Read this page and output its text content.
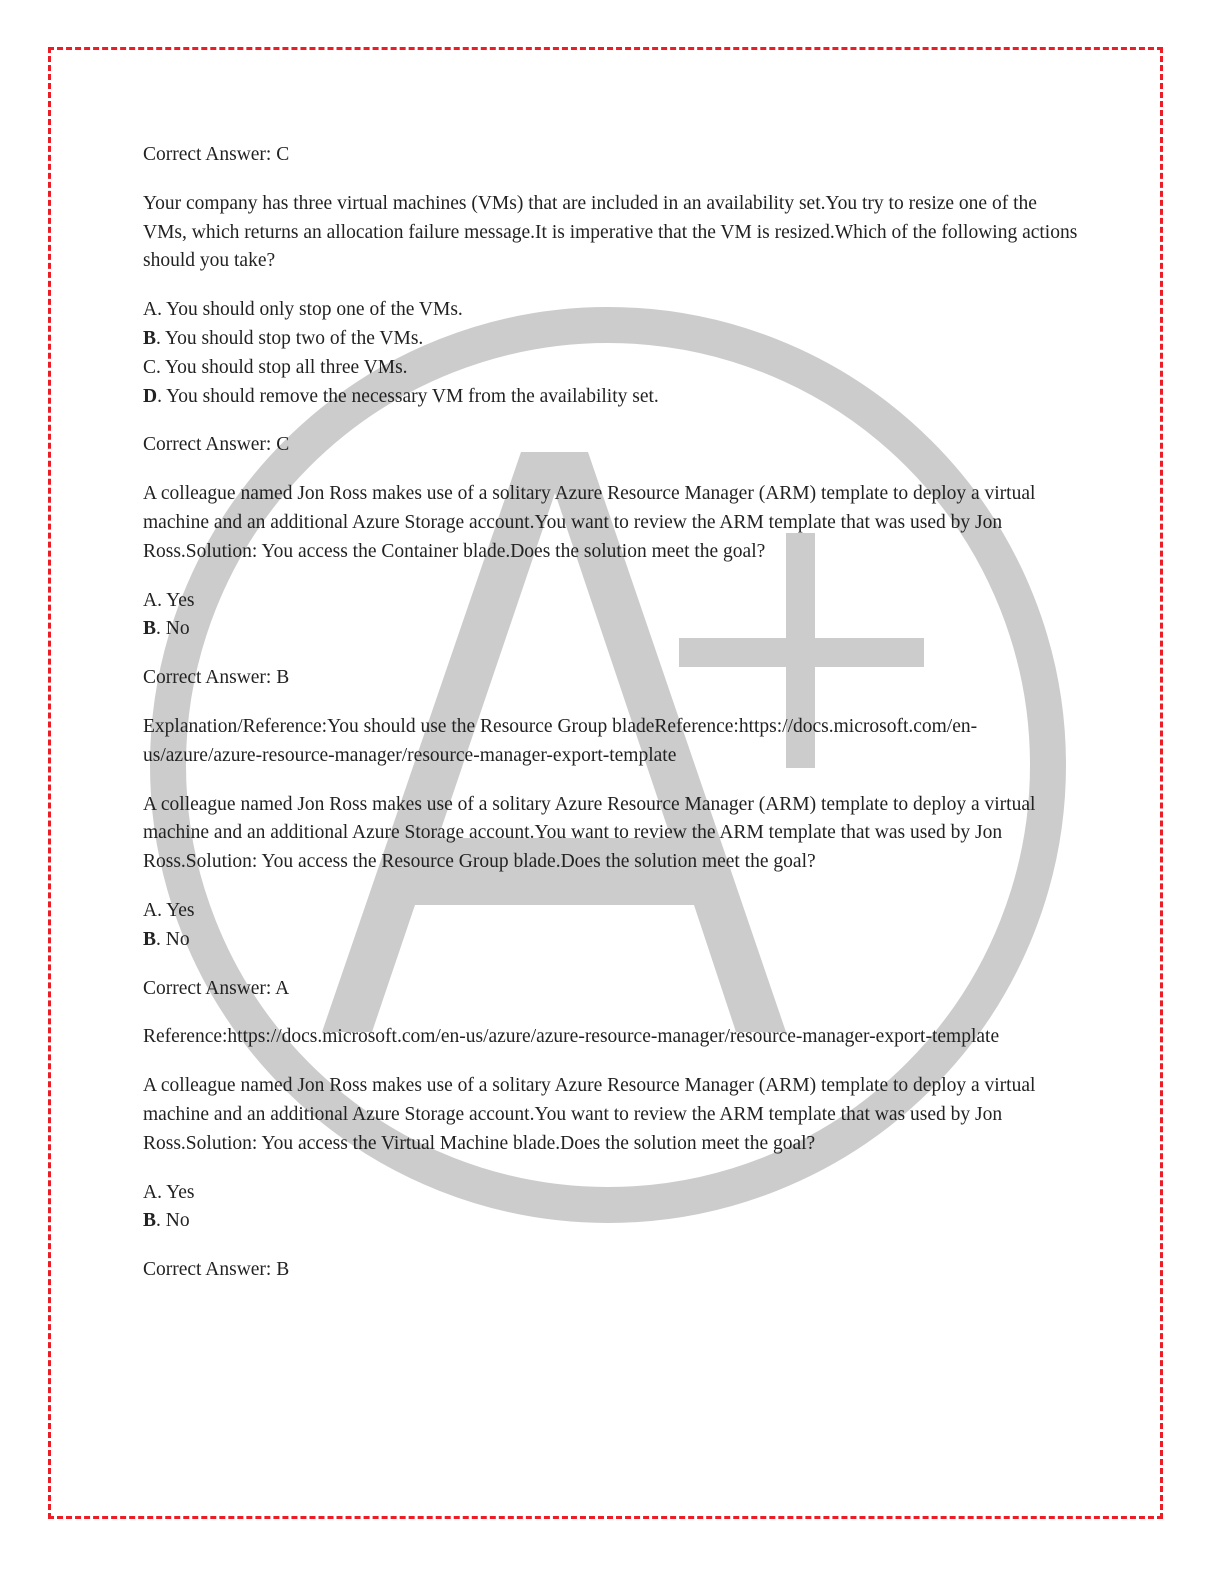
Correct Answer: C

Your company has three virtual machines (VMs) that are included in an availability set.You try to resize one of the VMs, which returns an allocation failure message.It is imperative that the VM is resized.Which of the following actions should you take?

A. You should only stop one of the VMs.

B. You should stop two of the VMs.

C. You should stop all three VMs.

D. You should remove the necessary VM from the availability set.

Correct Answer: C

A colleague named Jon Ross makes use of a solitary Azure Resource Manager (ARM) template to deploy a virtual machine and an additional Azure Storage account.You want to review the ARM template that was used by Jon Ross.Solution: You access the Container blade.Does the solution meet the goal?

A. Yes

B. No

Correct Answer: B

Explanation/Reference:You should use the Resource Group bladeReference:https://docs.microsoft.com/en-us/azure/azure-resource-manager/resource-manager-export-template

A colleague named Jon Ross makes use of a solitary Azure Resource Manager (ARM) template to deploy a virtual machine and an additional Azure Storage account.You want to review the ARM template that was used by Jon Ross.Solution: You access the Resource Group blade.Does the solution meet the goal?

A. Yes

B. No

Correct Answer: A

Reference:https://docs.microsoft.com/en-us/azure/azure-resource-manager/resource-manager-export-template

A colleague named Jon Ross makes use of a solitary Azure Resource Manager (ARM) template to deploy a virtual machine and an additional Azure Storage account.You want to review the ARM template that was used by Jon Ross.Solution: You access the Virtual Machine blade.Does the solution meet the goal?

A. Yes

B. No

Correct Answer: B
